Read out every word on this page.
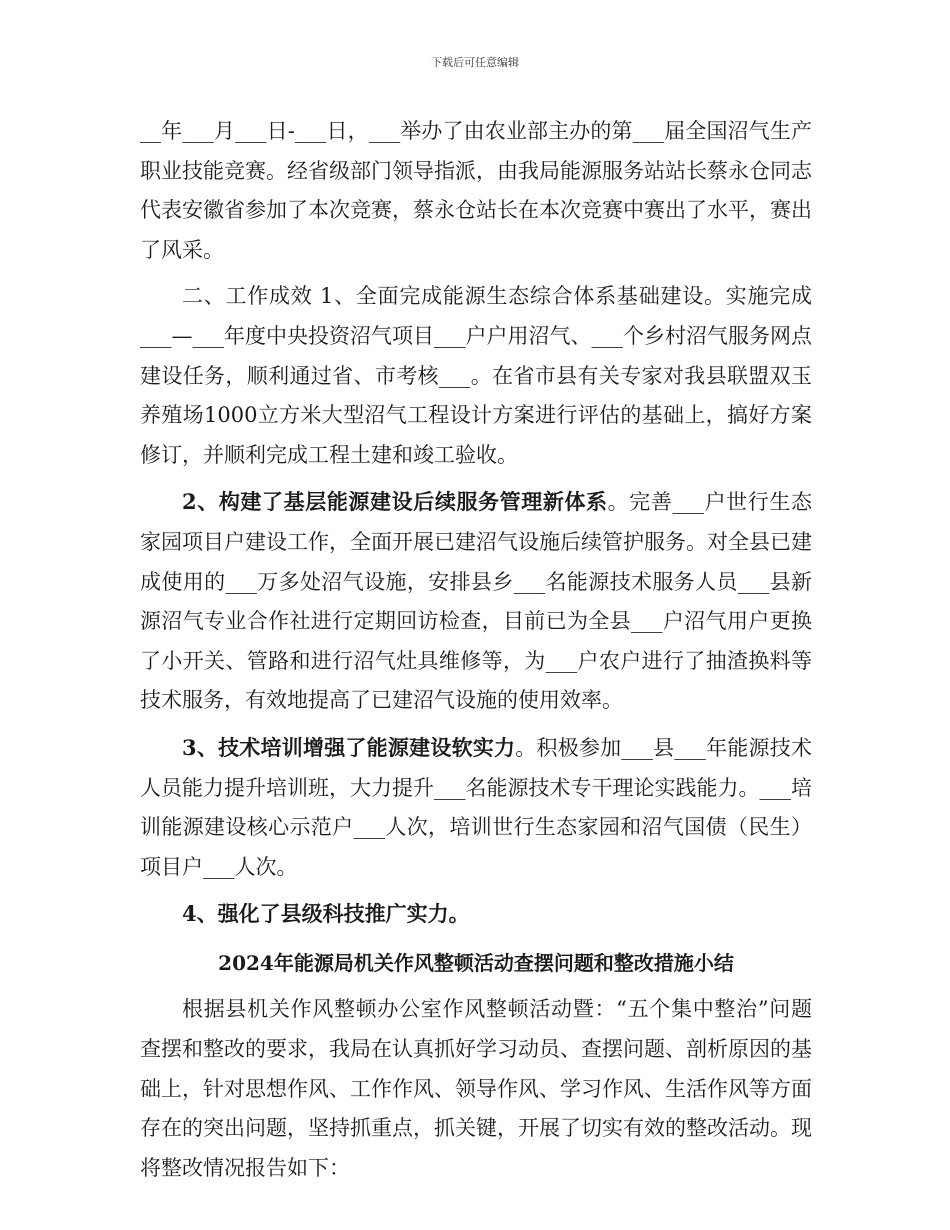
下载后可任意编辑

__年___月___日-___日，___举办了由农业部主办的第___届全国沼气生产职业技能竞赛。经省级部门领导指派，由我局能源服务站站长蔡永仓同志代表安徽省参加了本次竞赛，蔡永仓站长在本次竞赛中赛出了水平，赛出了风采。

二、工作成效 1、全面完成能源生态综合体系基础建设。实施完成___—___年度中央投资沼气项目___户户用沼气、___个乡村沼气服务网点建设任务，顺利通过省、市考核___。在省市县有关专家对我县联盟双玉养殖场1000立方米大型沼气工程设计方案进行评估的基础上，搞好方案修订，并顺利完成工程土建和竣工验收。

2、构建了基层能源建设后续服务管理新体系。完善___户世行生态家园项目户建设工作，全面开展已建沼气设施后续管护服务。对全县已建成使用的___万多处沼气设施，安排县乡___名能源技术服务人员___县新源沼气专业合作社进行定期回访检查，目前已为全县___户沼气用户更换了小开关、管路和进行沼气灶具维修等，为___户农户进行了抽渣换料等技术服务，有效地提高了已建沼气设施的使用效率。

3、技术培训增强了能源建设软实力。积极参加___县___年能源技术人员能力提升培训班，大力提升___名能源技术专干理论实践能力。___培训能源建设核心示范户___人次，培训世行生态家园和沼气国债（民生）项目户___人次。

4、强化了县级科技推广实力。

2024年能源局机关作风整顿活动查摆问题和整改措施小结

根据县机关作风整顿办公室作风整顿活动暨：“五个集中整治”问题查摆和整改的要求，我局在认真抓好学习动员、查摆问题、剖析原因的基础上，针对思想作风、工作作风、领导作风、学习作风、生活作风等方面存在的突出问题，坚持抓重点，抓关键，开展了切实有效的整改活动。现将整改情况报告如下：
